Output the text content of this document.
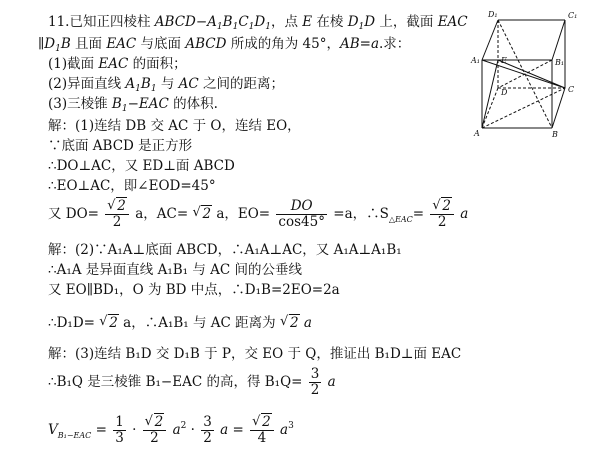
11.已知正四棱柱 $ABCD-A_1B_1C_1D_1$，点 E 在棱 $D_1D$ 上，截面 EAC
$\parallel D_1B$ 且面 EAC 与底面 ABCD 所成的角为 45°，AB=a.求：
(1)截面 EAC 的面积；
(2)异面直线 $A_1B_1$ 与 AC 之间的距离；
(3)三棱锥 $B_1-EAC$ 的体积.
解：(1)连结 DB 交 AC 于 O，连结 EO，
∵底面 ABCD 是正方形
∴DO⊥AC，又 ED⊥面 ABCD
∴EO⊥AC，即∠EOD=45°
又 $DO= \frac{√ 2}{2}$ a，AC= √ 2 a，$EO= \frac{DO}{\cos 45^\circ} =a$，$\therefore S_{\triangle EAC}= \frac{√ 2}{2}$ a
解：(2)∵A₁A⊥底面 ABCD，∴A₁A⊥AC，又 A₁A⊥A₁B₁
∴A₁A 是异面直线 A₁B₁ 与 AC 间的公垂线
又 EO∥BD₁，O 为 BD 中点，∴D₁B=2EO=2a
∴D₁D= √ 2 a，∴A₁B₁ 与 AC 距离为 √ 2 a
解：(3)连结 B₁D 交 D₁B 于 P，交 EO 于 Q，推证出 B₁D⊥面 EAC
∴B₁Q 是三棱锥 B₁−EAC 的高，得 $B_1Q= \frac{3}{2}$ a
$V_{B_1-EAC} = \frac{1}{3} \cdot \frac{√ 2}{2} a^2 \cdot \frac{3}{2}$ $a = \frac{√ 2}{4} a^3$
D₁	C₁
A₁	B₁
D	C
A	B
E
